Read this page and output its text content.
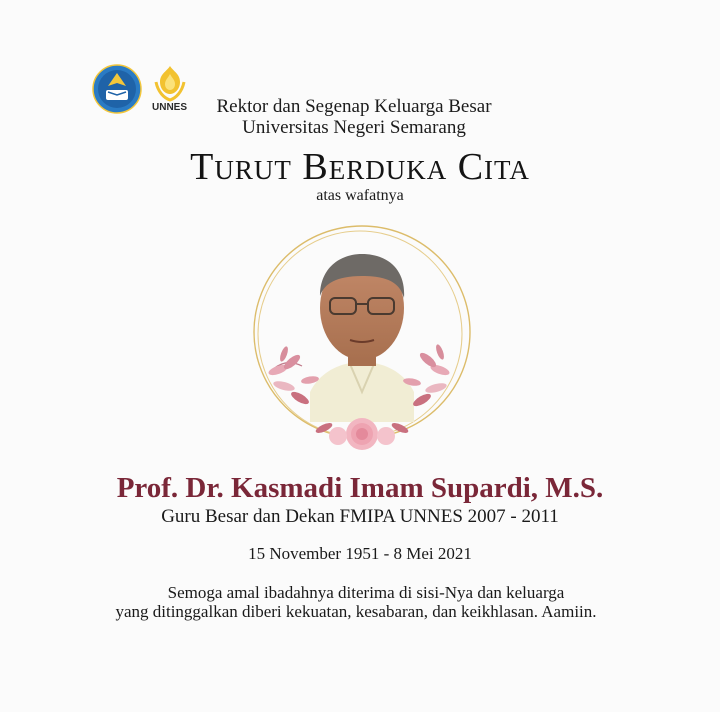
UNNES	Rektor dan Segenap Keluarga Besar
Universitas Negeri Semarang
Turut Berduka Cita
atas wafatnya
Prof. Dr. Kasmadi Imam Supardi, M.S.
Guru Besar dan Dekan FMIPA UNNES 2007 - 2011
15 November 1951 - 8 Mei 2021
Semoga amal ibadahnya diterima di sisi-Nya dan keluarga
yang ditinggalkan diberi kekuatan, kesabaran, dan keikhlasan. Aamiin.
